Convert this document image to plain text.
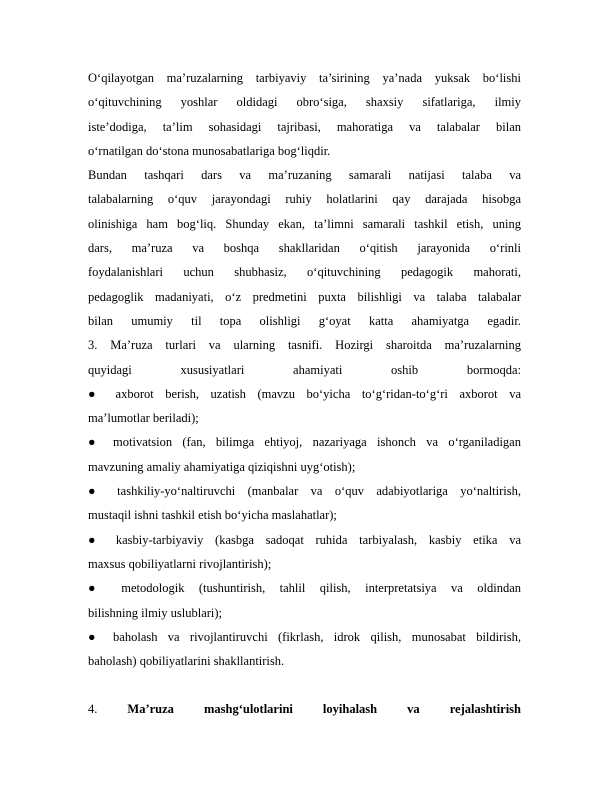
O‘qilayotgan ma’ruzalarning tarbiyaviy ta’sirining ya’nada yuksak bo‘lishi
o‘qituvchining yoshlar oldidagi obro‘siga, shaxsiy sifatlariga, ilmiy
iste’dodiga, ta’lim sohasidagi tajribasi, mahoratiga va talabalar bilan
o‘rnatilgan do‘stona munosabatlariga bog‘liqdir.
Bundan tashqari dars va ma’ruzaning samarali natijasi talaba va
talabalarning o‘quv jarayondagi ruhiy holatlarini qay darajada hisobga
olinishiga ham bog‘liq. Shunday ekan, ta’limni samarali tashkil etish, uning
dars, ma’ruza va boshqa shakllaridan o‘qitish jarayonida o‘rinli
foydalanishlari uchun shubhasiz, o‘qituvchining pedagogik mahorati,
pedagoglik madaniyati, o‘z predmetini puxta bilishligi va talaba talabalar
bilan umumiy til topa olishligi g‘oyat katta ahamiyatga egadir.
3. Ma’ruza turlari va ularning tasnifi. Hozirgi sharoitda ma’ruzalarning
quyidagi xususiyatlari ahamiyati oshib bormoqda:
● axborot berish, uzatish (mavzu bo‘yicha to‘g‘ridan-to‘g‘ri axborot va
ma’lumotlar beriladi);
● motivatsion (fan, bilimga ehtiyoj, nazariyaga ishonch va o‘rganiladigan
mavzuning amaliy ahamiyatiga qiziqishni uyg‘otish);
● tashkiliy-yo‘naltiruvchi (manbalar va o‘quv adabiyotlariga yo‘naltirish,
mustaqil ishni tashkil etish bo‘yicha maslahatlar);
● kasbiy-tarbiyaviy (kasbga sadoqat ruhida tarbiyalash, kasbiy etika va
maxsus qobiliyatlarni rivojlantirish);
● metodologik (tushuntirish, tahlil qilish, interpretatsiya va oldindan
bilishning ilmiy uslublari);
● baholash va rivojlantiruvchi (fikrlash, idrok qilish, munosabat bildirish,
baholash) qobiliyatlarini shakllantirish.
4. Ma’ruza mashg‘ulotlarini loyihalash va rejalashtirish
